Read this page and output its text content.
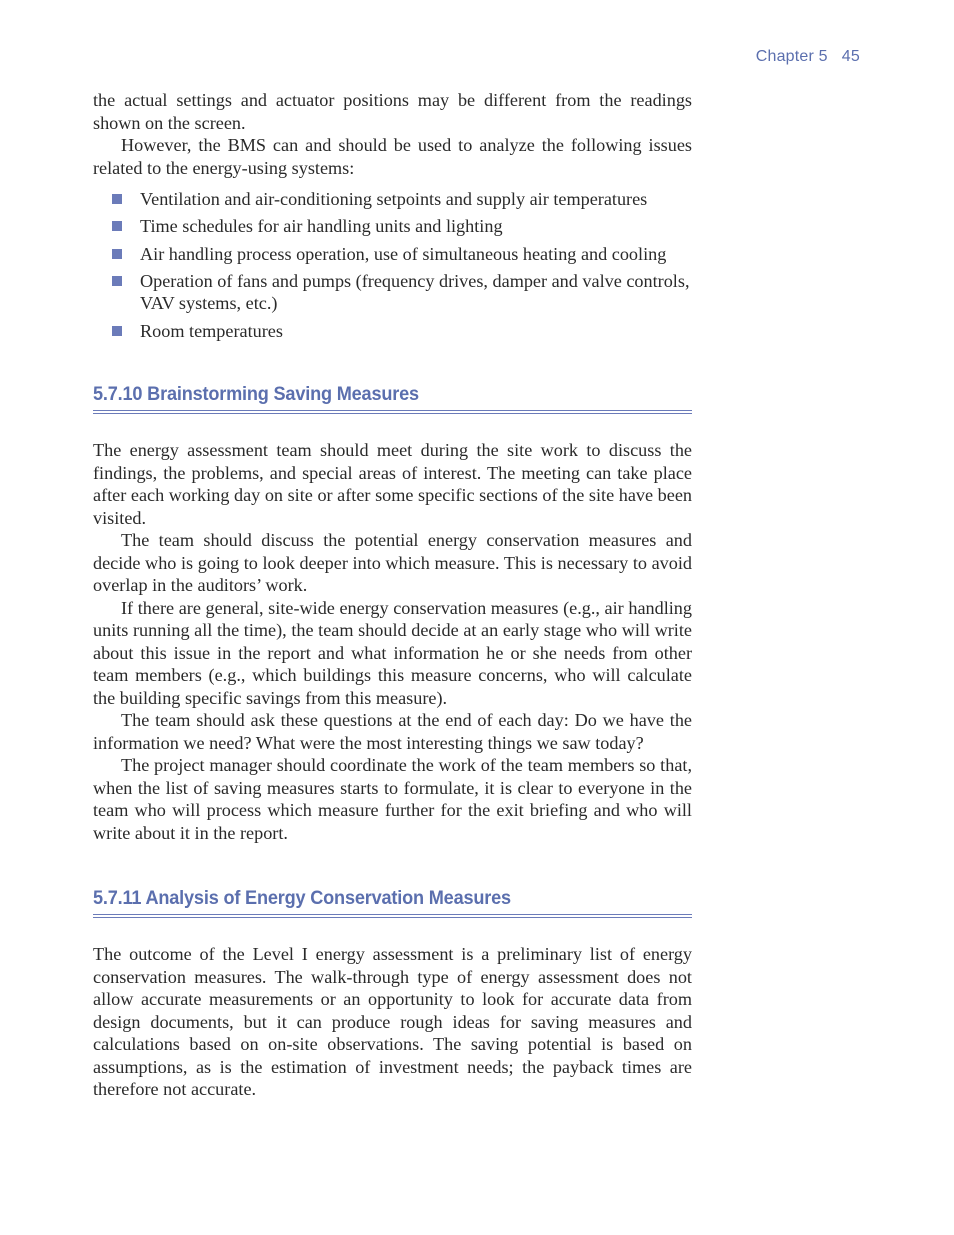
Chapter 5 45

the actual settings and actuator positions may be different from the readings shown on the screen.

However, the BMS can and should be used to analyze the following issues related to the energy-using systems:

Ventilation and air-conditioning setpoints and supply air temperatures
Time schedules for air handling units and lighting
Air handling process operation, use of simultaneous heating and cooling
Operation of fans and pumps (frequency drives, damper and valve controls, VAV systems, etc.)
Room temperatures
5.7.10 Brainstorming Saving Measures

The energy assessment team should meet during the site work to discuss the findings, the problems, and special areas of interest. The meeting can take place after each working day on site or after some specific sections of the site have been visited.

The team should discuss the potential energy conservation measures and decide who is going to look deeper into which measure. This is necessary to avoid overlap in the auditors’ work.

If there are general, site-wide energy conservation measures (e.g., air handling units running all the time), the team should decide at an early stage who will write about this issue in the report and what information he or she needs from other team members (e.g., which buildings this measure concerns, who will calculate the building specific savings from this measure).

The team should ask these questions at the end of each day: Do we have the information we need? What were the most interesting things we saw today?

The project manager should coordinate the work of the team members so that, when the list of saving measures starts to formulate, it is clear to everyone in the team who will process which measure further for the exit briefing and who will write about it in the report.

5.7.11 Analysis of Energy Conservation Measures

The outcome of the Level I energy assessment is a preliminary list of energy conservation measures. The walk-through type of energy assessment does not allow accurate measurements or an opportunity to look for accurate data from design documents, but it can produce rough ideas for saving measures and calculations based on on-site observations. The saving potential is based on assumptions, as is the estimation of investment needs; the payback times are therefore not accurate.
